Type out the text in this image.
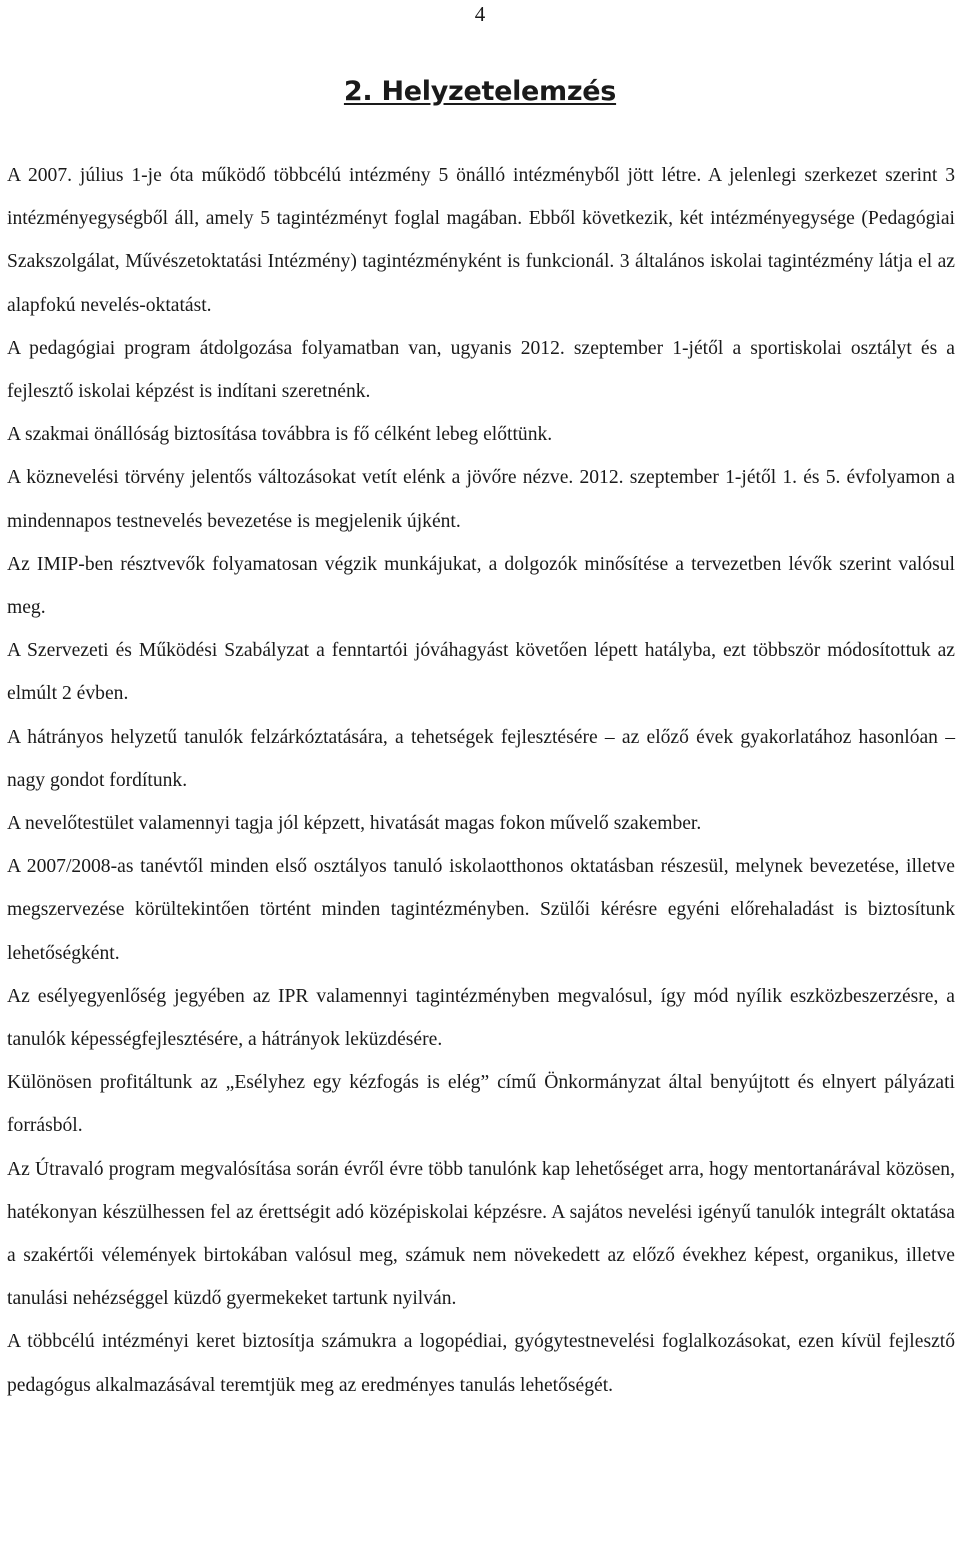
4
2. Helyzetelemzés

A 2007. július 1-je óta működő többcélú intézmény 5 önálló intézményből jött létre. A jelenlegi szerkezet szerint 3 intézményegységből áll, amely 5 tagintézményt foglal magában. Ebből következik, két intézményegysége (Pedagógiai Szakszolgálat, Művészetoktatási Intézmény) tagintézményként is funkcionál. 3 általános iskolai tagintézmény látja el az alapfokú nevelés-oktatást.

A pedagógiai program átdolgozása folyamatban van, ugyanis 2012. szeptember 1-jétől a sportiskolai osztályt és a fejlesztő iskolai képzést is indítani szeretnénk.

A szakmai önállóság biztosítása továbbra is fő célként lebeg előttünk.

A köznevelési törvény jelentős változásokat vetít elénk a jövőre nézve. 2012. szeptember 1-jétől 1. és 5. évfolyamon a mindennapos testnevelés bevezetése is megjelenik újként.

Az IMIP-ben résztvevők folyamatosan végzik munkájukat, a dolgozók minősítése a tervezetben lévők szerint valósul meg.

A Szervezeti és Működési Szabályzat a fenntartói jóváhagyást követően lépett hatályba, ezt többször módosítottuk az elmúlt 2 évben.

A hátrányos helyzetű tanulók felzárkóztatására, a tehetségek fejlesztésére – az előző évek gyakorlatához hasonlóan – nagy gondot fordítunk.

A nevelőtestület valamennyi tagja jól képzett, hivatását magas fokon művelő szakember.

A 2007/2008-as tanévtől minden első osztályos tanuló iskolaotthonos oktatásban részesül, melynek bevezetése, illetve megszervezése körültekintően történt minden tagintézményben. Szülői kérésre egyéni előrehaladást is biztosítunk lehetőségként.

Az esélyegyenlőség jegyében az IPR valamennyi tagintézményben megvalósul, így mód nyílik eszközbeszerzésre, a tanulók képességfejlesztésére, a hátrányok leküzdésére.

Különösen profitáltunk az „Esélyhez egy kézfogás is elég” című Önkormányzat által benyújtott és elnyert pályázati forrásból.

Az Útravaló program megvalósítása során évről évre több tanulónk kap lehetőséget arra, hogy mentortanárával közösen, hatékonyan készülhessen fel az érettségit adó középiskolai képzésre. A sajátos nevelési igényű tanulók integrált oktatása a szakértői vélemények birtokában valósul meg, számuk nem növekedett az előző évekhez képest, organikus, illetve tanulási nehézséggel küzdő gyermekeket tartunk nyilván.

A többcélú intézményi keret biztosítja számukra a logopédiai, gyógytestnevelési foglalkozásokat, ezen kívül fejlesztő pedagógus alkalmazásával teremtjük meg az eredményes tanulás lehetőségét.
